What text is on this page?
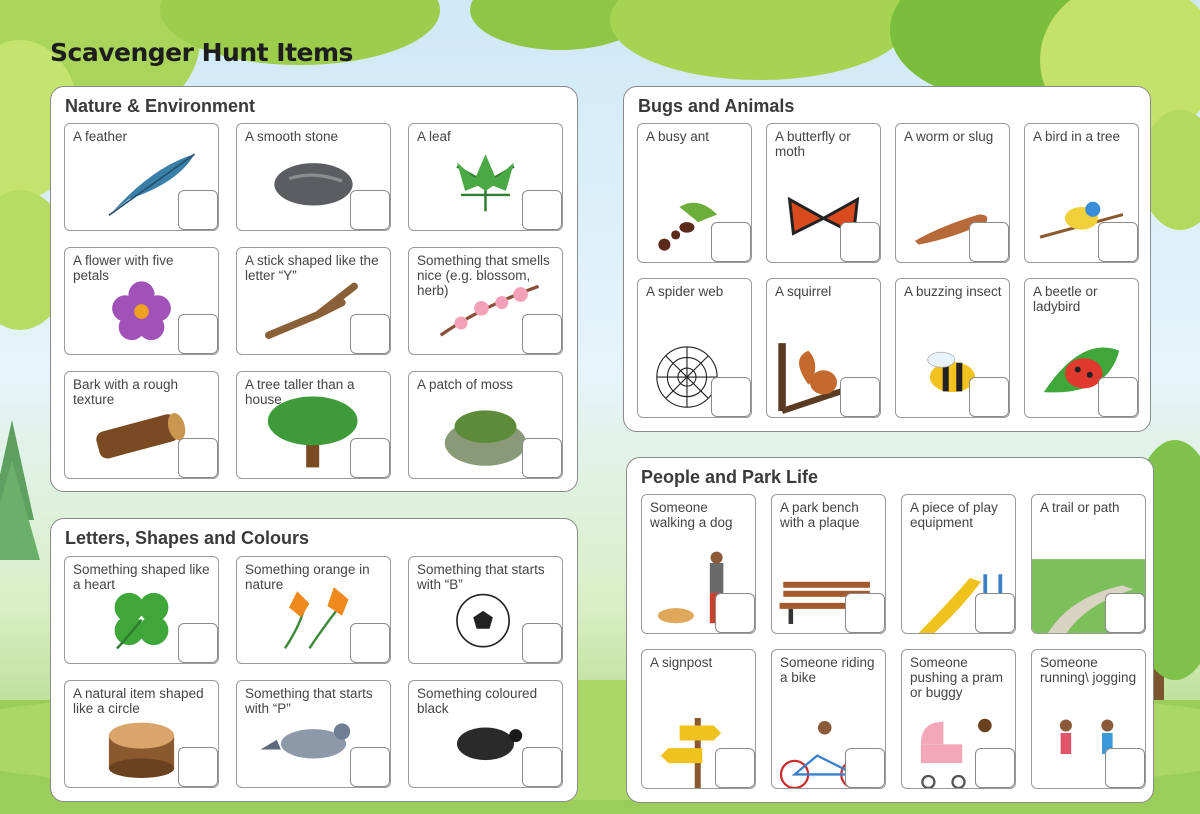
Scavenger Hunt Items
Nature & Environment
Letters, Shapes and Colours
Bugs and Animals
People and Park Life
A feather	A smooth stone	A leaf
A flower with five petals
A stick shaped like the letter “Y”
Something that smells nice (e.g. blossom, herb)
Bark with a rough texture
A tree taller than a house
A patch of moss
Something shaped like a heart
Something orange in nature
Something that starts with “B”
A natural item shaped like a circle
Something that starts with “P”
Something coloured black
A busy ant	A butterfly or moth
A worm or slug	A bird in a tree
A spider web	A squirrel	A buzzing insect A beetle or ladybird
Someone walking a dog
A park bench with a plaque
A piece of play equipment
A trail or path
A signpost	Someone riding a bike
Someone pushing a pram or buggy
Someone running\ jogging
